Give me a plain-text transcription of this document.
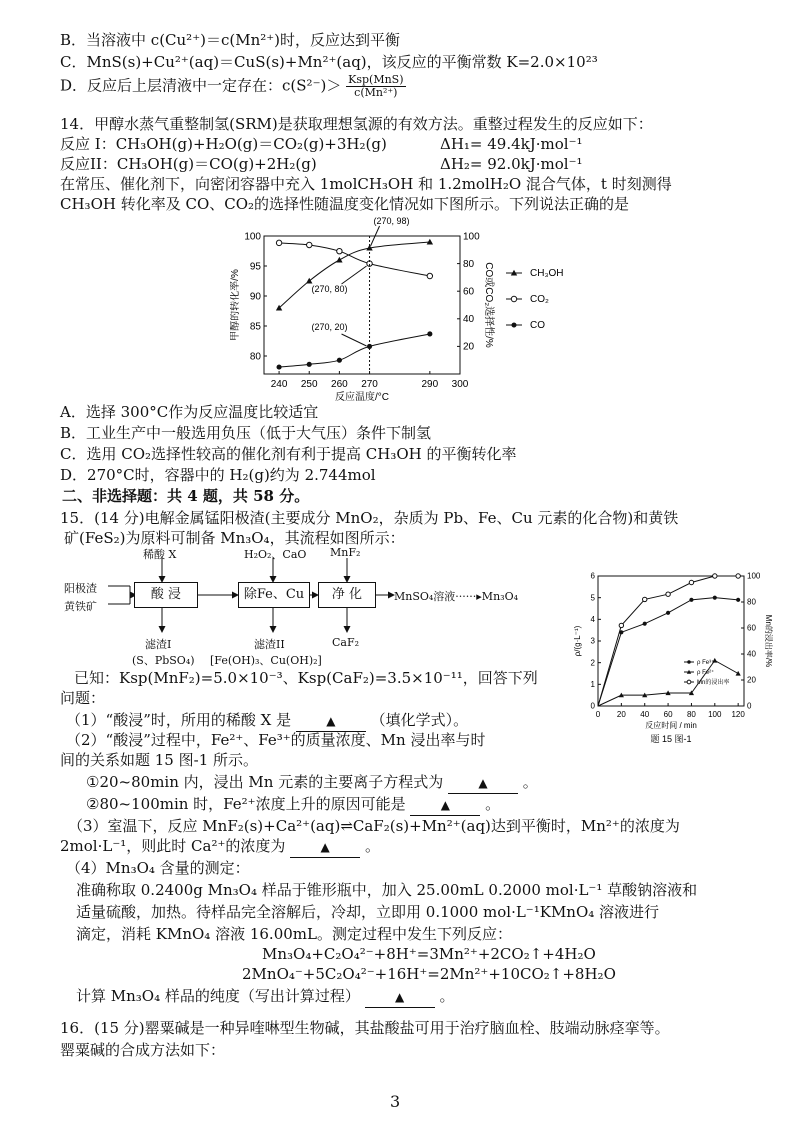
B．当溶液中 c(Cu²⁺)＝c(Mn²⁺)时，反应达到平衡
C．MnS(s)+Cu²⁺(aq)＝CuS(s)+Mn²⁺(aq)，该反应的平衡常数 K=2.0×10²³
D．反应后上层清液中一定存在：$c(S^{2-})> \frac{\text{Ksp(MnS)}}{\text{c(Mn²⁺)}}$
14．甲醇水蒸气重整制氢(SRM)是获取理想氢源的有效方法。重整过程发生的反应如下：
反应 I：CH₃OH(g)+H₂O(g)＝CO₂(g)+3H₂(g)	ΔH₁= 49.4kJ·mol⁻¹
反应II：CH₃OH(g)＝CO(g)+2H₂(g)	ΔH₂= 92.0kJ·mol⁻¹
在常压、催化剂下，向密闭容器中充入 1molCH₃OH 和 1.2molH₂O 混合气体，t 时刻测得
CH₃OH 转化率及 CO、CO₂的选择性随温度变化情况如下图所示。下列说法正确的是
240 250 260 270	290 300
80
85
90
95
100
20
40
60
80
100
反应温度/°C
甲醇的转化率/%	CO或CO₂选择性/%
(270, 98)
(270, 80)
(270, 20)
CH₃OH
CO₂
CO
A．选择 300°C作为反应温度比较适宜
B．工业生产中一般选用负压（低于大气压）条件下制氢
C．选用 CO₂选择性较高的催化剂有利于提高 CH₃OH 的平衡转化率
D．270°C时，容器中的 H₂(g)约为 2.744mol
二、非选择题：共 4 题，共 58 分。
15．(14 分)电解金属锰阳极渣(主要成分 MnO₂，杂质为 Pb、Fe、Cu 元素的化合物)和黄铁
矿(FeS₂)为原料可制备 Mn₃O₄，其流程如图所示：
阳极渣
黄铁矿
稀酸 X	H₂O₂、CaO MnF₂
酸 浸	除Fe、Cu	净 化	MnSO₄溶液······▸Mn₃O₄
滤渣I
(S、PbSO₄)
滤渣II
[Fe(OH)₃、Cu(OH)₂]
CaF₂
0 20 40 60 80 100 120
0
1
2
3
4
5
6
0
20
40
60
80
100
反应时间 / min
ρ/(g·L⁻¹)	Mn的浸出率/%
ρ Fe³⁺
ρ Fe²⁺
Mn的浸出率
题 15 图-1
已知：Ksp(MnF₂)=5.0×10⁻³、Ksp(CaF₂)=3.5×10⁻¹¹，回答下列
问题：
（1）“酸浸”时，所用的稀酸 X 是	▲ （填化学式）。
（2）“酸浸”过程中，Fe²⁺、Fe³⁺的质量浓度、Mn 浸出率与时
间的关系如题 15 图-1 所示。
①20~80min 内，浸出 Mn 元素的主要离子方程式为	▲ 。
②80~100min 时，Fe²⁺浓度上升的原因可能是	▲ 。
（3）室温下，反应 MnF₂(s)+Ca²⁺(aq)⇌CaF₂(s)+Mn²⁺(aq)达到平衡时，Mn²⁺的浓度为
2mol·L⁻¹，则此时 Ca²⁺的浓度为	▲ 。
（4）Mn₃O₄ 含量的测定：
准确称取 0.2400g Mn₃O₄ 样品于锥形瓶中，加入 25.00mL 0.2000 mol·L⁻¹ 草酸钠溶液和
适量硫酸，加热。待样品完全溶解后，冷却，立即用 0.1000 mol·L⁻¹KMnO₄ 溶液进行
滴定，消耗 KMnO₄ 溶液 16.00mL。测定过程中发生下列反应：
Mn₃O₄+C₂O₄²⁻+8H⁺=3Mn²⁺+2CO₂↑+4H₂O
2MnO₄⁻+5C₂O₄²⁻+16H⁺=2Mn²⁺+10CO₂↑+8H₂O
计算 Mn₃O₄ 样品的纯度（写出计算过程）	▲ 。
16．(15 分)罂粟碱是一种异喹啉型生物碱，其盐酸盐可用于治疗脑血栓、肢端动脉痉挛等。
罂粟碱的合成方法如下：
3
